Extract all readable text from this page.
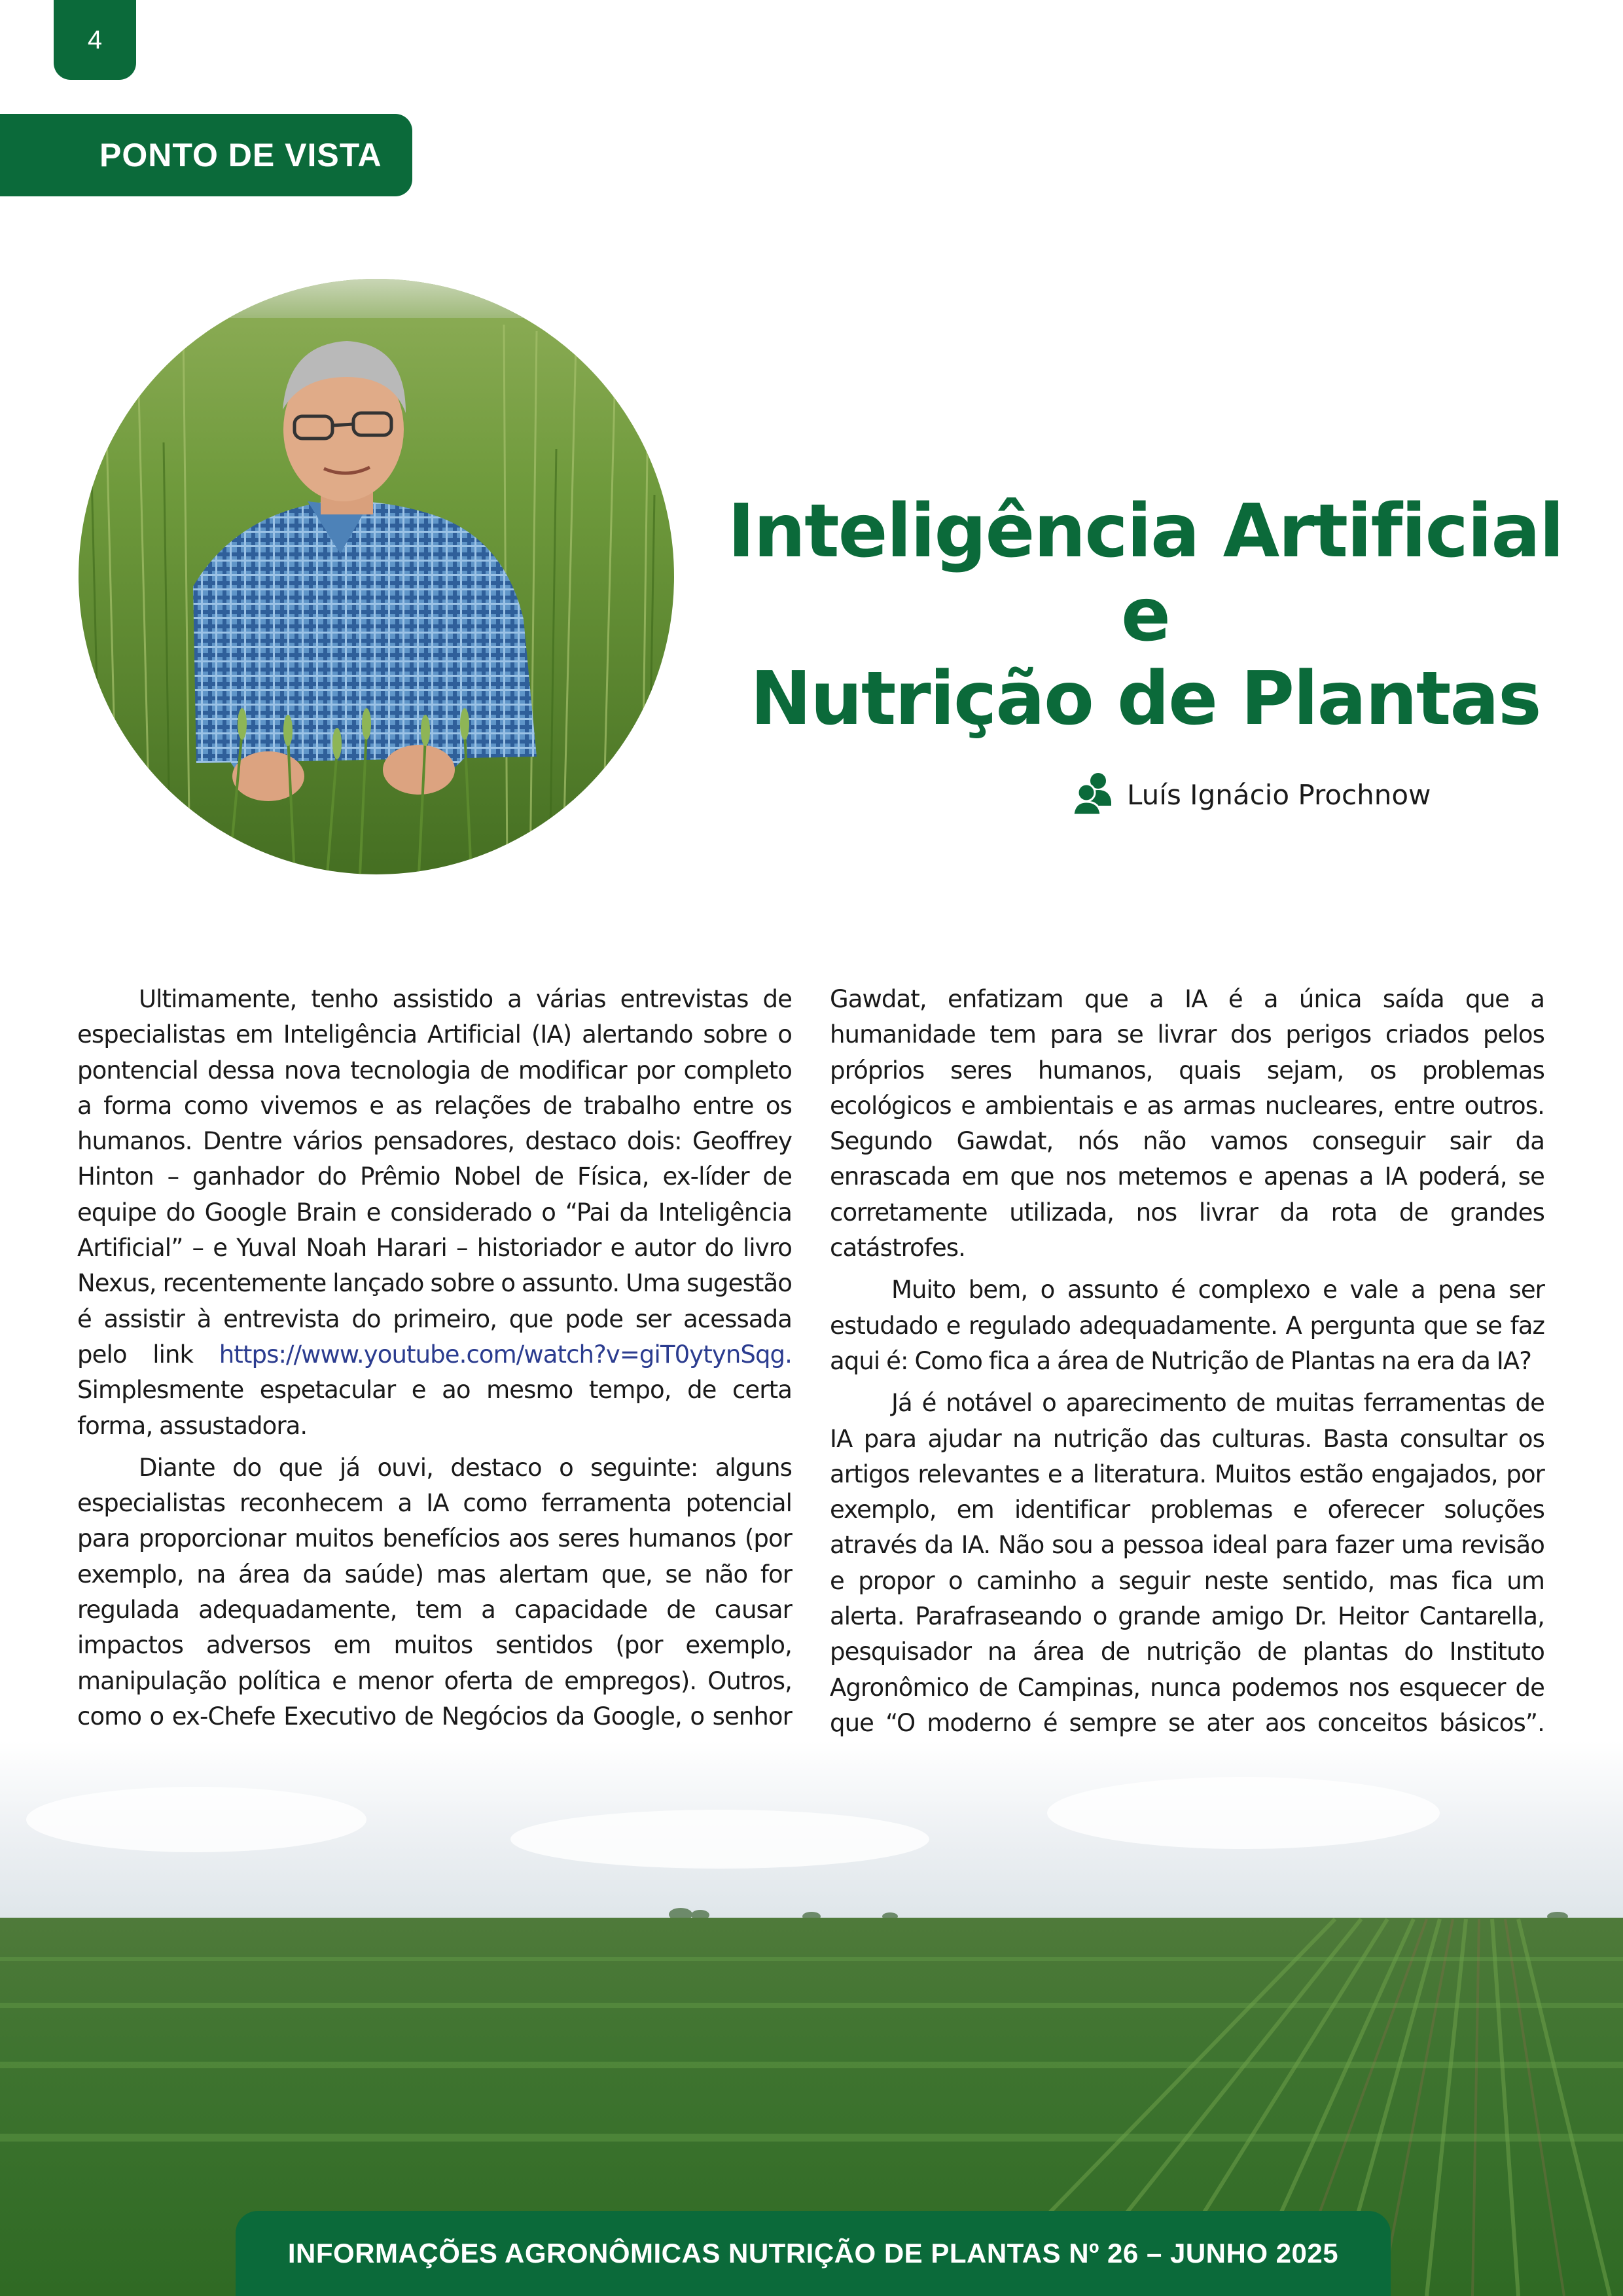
4
PONTO DE VISTA
Inteligência Artificial e
Nutrição de Plantas
Luís Ignácio Prochnow

Ultimamente, tenho assistido a várias entrevistas de especialistas em Inteligência Artificial (IA) alertando sobre o pontencial dessa nova tecnologia de modificar por completo a forma como vivemos e as relações de trabalho entre os humanos. Dentre vários pensadores, destaco dois: Geoffrey Hinton – ganhador do Prêmio Nobel de Física, ex-líder de equipe do Google Brain e considerado o “Pai da Inteligência Artificial” – e Yuval Noah Harari – historiador e autor do livro Nexus, recentemente lançado sobre o assunto. Uma sugestão é assistir à entrevista do primeiro, que pode ser acessada pelo link https://www.youtube.com/watch?v=giT0ytynSqg. Simplesmente espetacular e ao mesmo tempo, de certa forma, assustadora.

Diante do que já ouvi, destaco o seguinte: alguns especialistas reconhecem a IA como ferramenta potencial para proporcionar muitos benefícios aos seres humanos (por exemplo, na área da saúde) mas alertam que, se não for regulada adequadamente, tem a capacidade de causar impactos adversos em muitos sentidos (por exemplo, manipulação política e menor oferta de empregos). Outros, como o ex-Chefe Executivo de Negócios da Google, o senhor

Gawdat, enfatizam que a IA é a única saída que a humanidade tem para se livrar dos perigos criados pelos próprios seres humanos, quais sejam, os problemas ecológicos e ambientais e as armas nucleares, entre outros. Segundo Gawdat, nós não vamos conseguir sair da enrascada em que nos metemos e apenas a IA poderá, se corretamente utilizada, nos livrar da rota de grandes catástrofes.

Muito bem, o assunto é complexo e vale a pena ser estudado e regulado adequadamente. A pergunta que se faz aqui é: Como fica a área de Nutrição de Plantas na era da IA?

Já é notável o aparecimento de muitas ferramentas de IA para ajudar na nutrição das culturas. Basta consultar os artigos relevantes e a literatura. Muitos estão engajados, por exemplo, em identificar problemas e oferecer soluções através da IA. Não sou a pessoa ideal para fazer uma revisão e propor o caminho a seguir neste sentido, mas fica um alerta. Parafraseando o grande amigo Dr. Heitor Cantarella, pesquisador na área de nutrição de plantas do Instituto Agronômico de Campinas, nunca podemos nos esquecer de que “O moderno é sempre se ater aos conceitos básicos”.

INFORMAÇÕES AGRONÔMICAS NUTRIÇÃO DE PLANTAS Nº 26 – JUNHO 2025
